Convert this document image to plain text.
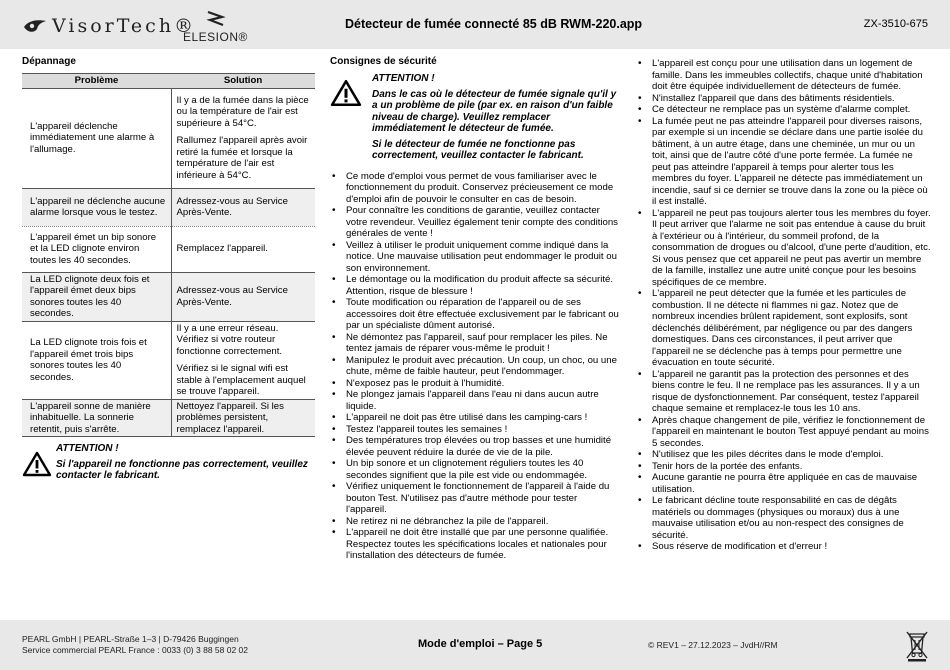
VisorTech®
ELESION®
Détecteur de fumée connecté 85 dB RWM-220.app	ZX-3510-675
Dépannage
Problème	Solution
L'appareil déclenche immédiatement une alarme à l'allumage.	Il y a de la fumée dans la pièce ou la température de l'air est supérieure à 54°C.

Rallumez l'appareil après avoir retiré la fumée et lorsque la température de l'air est inférieure à 54°C.

L'appareil ne déclenche aucune alarme lorsque vous le testez.	Adressez-vous au Service Après-Vente.
L'appareil émet un bip sonore et la LED clignote environ toutes les 40 secondes.	Remplacez l'appareil.
La LED clignote deux fois et l'appareil émet deux bips sonores toutes les 40 secondes.	Adressez-vous au Service Après-Vente.
La LED clignote trois fois et l'appareil émet trois bips sonores toutes les 40 secondes.	Il y a une erreur réseau. Vérifiez si votre routeur fonctionne correctement.

Vérifiez si le signal wifi est stable à l'emplacement auquel se trouve l'appareil.

L'appareil sonne de manière inhabituelle. La sonnerie retentit, puis s'arrête.	Nettoyez l'appareil. Si les problèmes persistent, remplacez l'appareil.

ATTENTION !

Si l'appareil ne fonctionne pas correctement, veuillez contacter le fabricant.

Consignes de sécurité

ATTENTION !

Dans le cas où le détecteur de fumée signale qu'il y a un problème de pile (par ex. en raison d'un faible niveau de charge). Veuillez remplacer immédiatement le détecteur de fumée.

Si le détecteur de fumée ne fonctionne pas correctement, veuillez contacter le fabricant.

• Ce mode d'emploi vous permet de vous familiariser avec le fonctionnement du produit. Conservez précieusement ce mode d'emploi afin de pouvoir le consulter en cas de besoin.
• Pour connaître les conditions de garantie, veuillez contacter votre revendeur. Veuillez également tenir compte des conditions générales de vente !
• Veillez à utiliser le produit uniquement comme indiqué dans la notice. Une mauvaise utilisation peut endommager le produit ou son environnement.
• Le démontage ou la modification du produit affecte sa sécurité. Attention, risque de blessure !
• Toute modification ou réparation de l'appareil ou de ses accessoires doit être effectuée exclusivement par le fabricant ou par un spécialiste dûment autorisé.
• Ne démontez pas l'appareil, sauf pour remplacer les piles. Ne tentez jamais de réparer vous-même le produit !
• Manipulez le produit avec précaution. Un coup, un choc, ou une chute, même de faible hauteur, peut l'endommager.
• N'exposez pas le produit à l'humidité.
• Ne plongez jamais l'appareil dans l'eau ni dans aucun autre liquide.
• L'appareil ne doit pas être utilisé dans les camping-cars !
• Testez l'appareil toutes les semaines !
• Des températures trop élevées ou trop basses et une humidité élevée peuvent réduire la durée de vie de la pile.
• Un bip sonore et un clignotement réguliers toutes les 40 secondes signifient que la pile est vide ou endommagée.
• Vérifiez uniquement le fonctionnement de l'appareil à l'aide du bouton Test. N'utilisez pas d'autre méthode pour tester l'appareil.
• Ne retirez ni ne débranchez la pile de l'appareil.
• L'appareil ne doit être installé que par une personne qualifiée. Respectez toutes les spécifications locales et nationales pour l'installation des détecteurs de fumée.
• L'appareil est conçu pour une utilisation dans un logement de famille. Dans les immeubles collectifs, chaque unité d'habitation doit être équipée individuellement de détecteurs de fumée.
• N'installez l'appareil que dans des bâtiments résidentiels.
• Ce détecteur ne remplace pas un système d'alarme complet.
• La fumée peut ne pas atteindre l'appareil pour diverses raisons, par exemple si un incendie se déclare dans une partie isolée du bâtiment, à un autre étage, dans une cheminée, un mur ou un toit, ainsi que de l'autre côté d'une porte fermée. La fumée ne peut pas atteindre l'appareil à temps pour alerter tous les membres du foyer. L'appareil ne détecte pas immédiatement un incendie, sauf si ce dernier se trouve dans la zone ou la pièce où il est installé.
• L'appareil ne peut pas toujours alerter tous les membres du foyer. Il peut arriver que l'alarme ne soit pas entendue à cause du bruit à l'extérieur ou à l'intérieur, du sommeil profond, de la consommation de drogues ou d'alcool, d'une perte d'audition, etc. Si vous pensez que cet appareil ne peut pas avertir un membre de la famille, installez une autre unité conçue pour les besoins spécifiques de ce membre.
• L'appareil ne peut détecter que la fumée et les particules de combustion. Il ne détecte ni flammes ni gaz. Notez que de nombreux incendies brûlent rapidement, sont explosifs, sont déclenchés délibérément, par négligence ou par des dangers domestiques. Dans ces circonstances, il peut arriver que l'appareil ne se déclenche pas à temps pour permettre une évacuation en toute sécurité.
• L'appareil ne garantit pas la protection des personnes et des biens contre le feu. Il ne remplace pas les assurances. Il y a un risque de dysfonctionnement. Par conséquent, testez l'appareil chaque semaine et remplacez-le tous les 10 ans.
• Après chaque changement de pile, vérifiez le fonctionnement de l'appareil en maintenant le bouton Test appuyé pendant au moins 5 secondes.
• N'utilisez que les piles décrites dans le mode d'emploi.
• Tenir hors de la portée des enfants.
• Aucune garantie ne pourra être appliquée en cas de mauvaise utilisation.
• Le fabricant décline toute responsabilité en cas de dégâts matériels ou dommages (physiques ou moraux) dus à une mauvaise utilisation et/ou au non-respect des consignes de sécurité.
• Sous réserve de modification et d'erreur !
PEARL GmbH | PEARL-Straße 1–3 | D-79426 Buggingen
Service commercial PEARL France : 0033 (0) 3 88 58 02 02	Mode d'emploi – Page 5	© REV1 – 27.12.2023 – JvdH//RM
